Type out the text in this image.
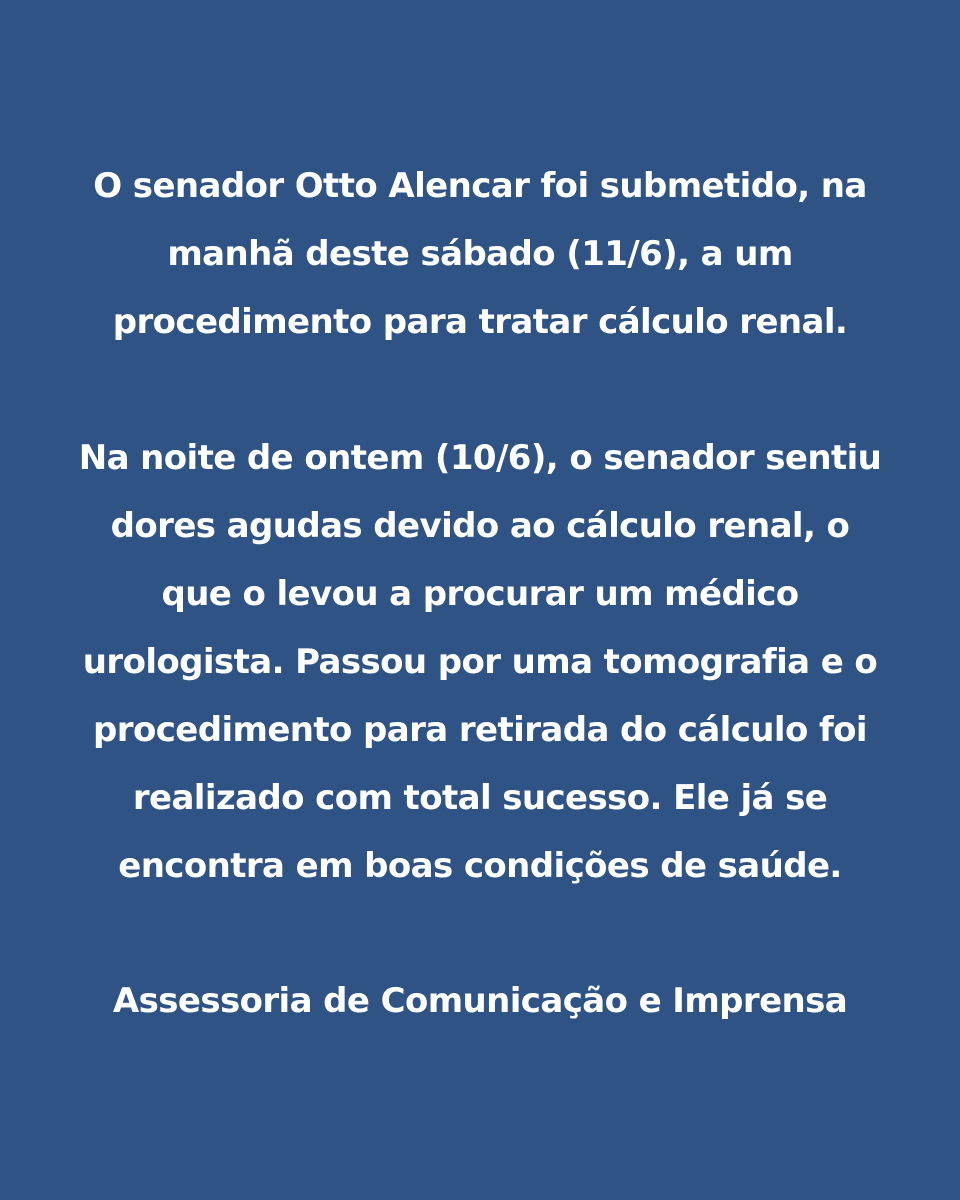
O senador Otto Alencar foi submetido, na
manhã deste sábado (11/6), a um
procedimento para tratar cálculo renal.

Na noite de ontem (10/6), o senador sentiu
dores agudas devido ao cálculo renal, o
que o levou a procurar um médico
urologista. Passou por uma tomografia e o
procedimento para retirada do cálculo foi
realizado com total sucesso. Ele já se
encontra em boas condições de saúde.

Assessoria de Comunicação e Imprensa
